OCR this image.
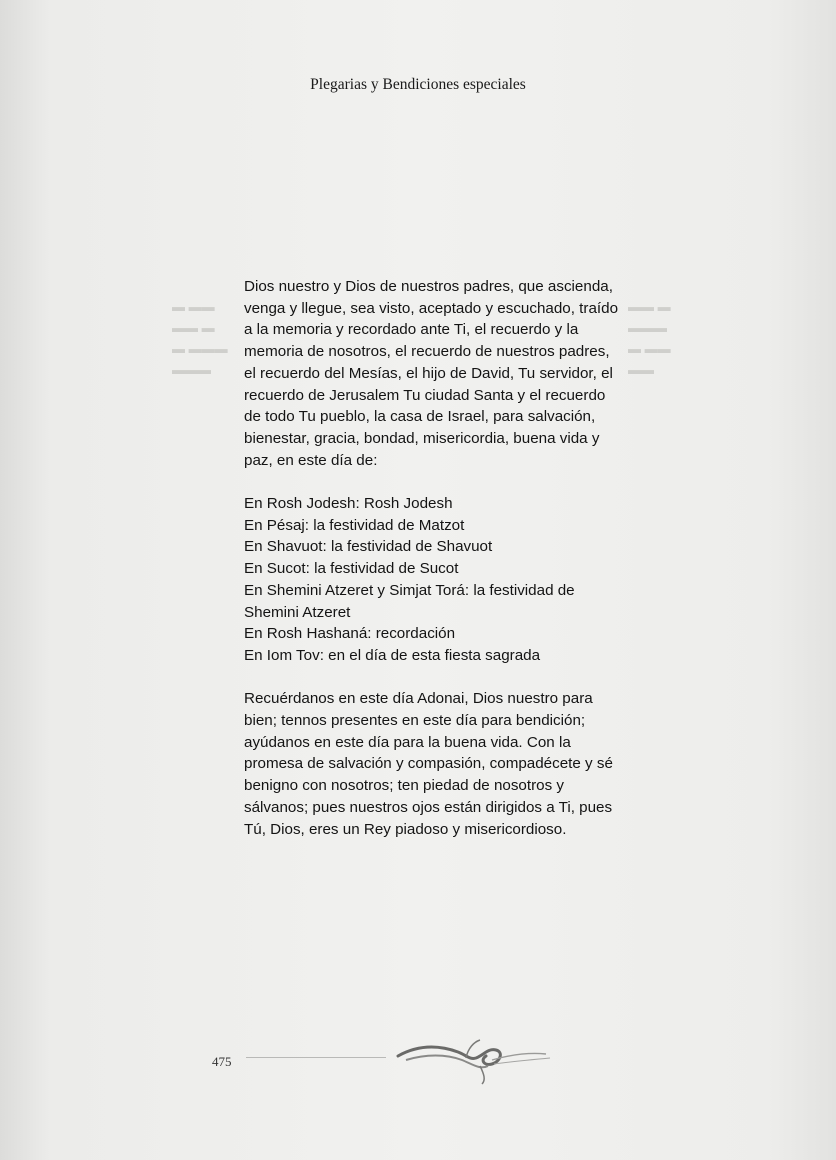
▬ ▬▬
▬▬ ▬
▬ ▬▬▬
▬▬▬
▬▬ ▬
▬▬▬
▬ ▬▬
▬▬
Plegarias y Bendiciones especiales

Dios nuestro y Dios de nuestros padres, que ascienda, venga y llegue, sea visto, aceptado y escuchado, traído a la memoria y recordado ante Ti, el recuerdo y la memoria de nosotros, el recuerdo de nuestros padres, el recuerdo del Mesías, el hijo de David, Tu servidor, el recuerdo de Jerusalem Tu ciudad Santa y el recuerdo de todo Tu pueblo, la casa de Israel, para salvación, bienestar, gracia, bondad, misericordia, buena vida y paz, en este día de:

En Rosh Jodesh: Rosh Jodesh

En Pésaj: la festividad de Matzot

En Shavuot: la festividad de Shavuot

En Sucot: la festividad de Sucot

En Shemini Atzeret y Simjat Torá: la festividad de Shemini Atzeret

En Rosh Hashaná: recordación

En Iom Tov: en el día de esta fiesta sagrada

Recuérdanos en este día Adonai, Dios nuestro para bien; tennos presentes en este día para bendición; ayúdanos en este día para la buena vida. Con la promesa de salvación y compasión, compadécete y sé benigno con nosotros; ten piedad de nosotros y sálvanos; pues nuestros ojos están dirigidos a Ti, pues Tú, Dios, eres un Rey piadoso y misericordioso.

475
